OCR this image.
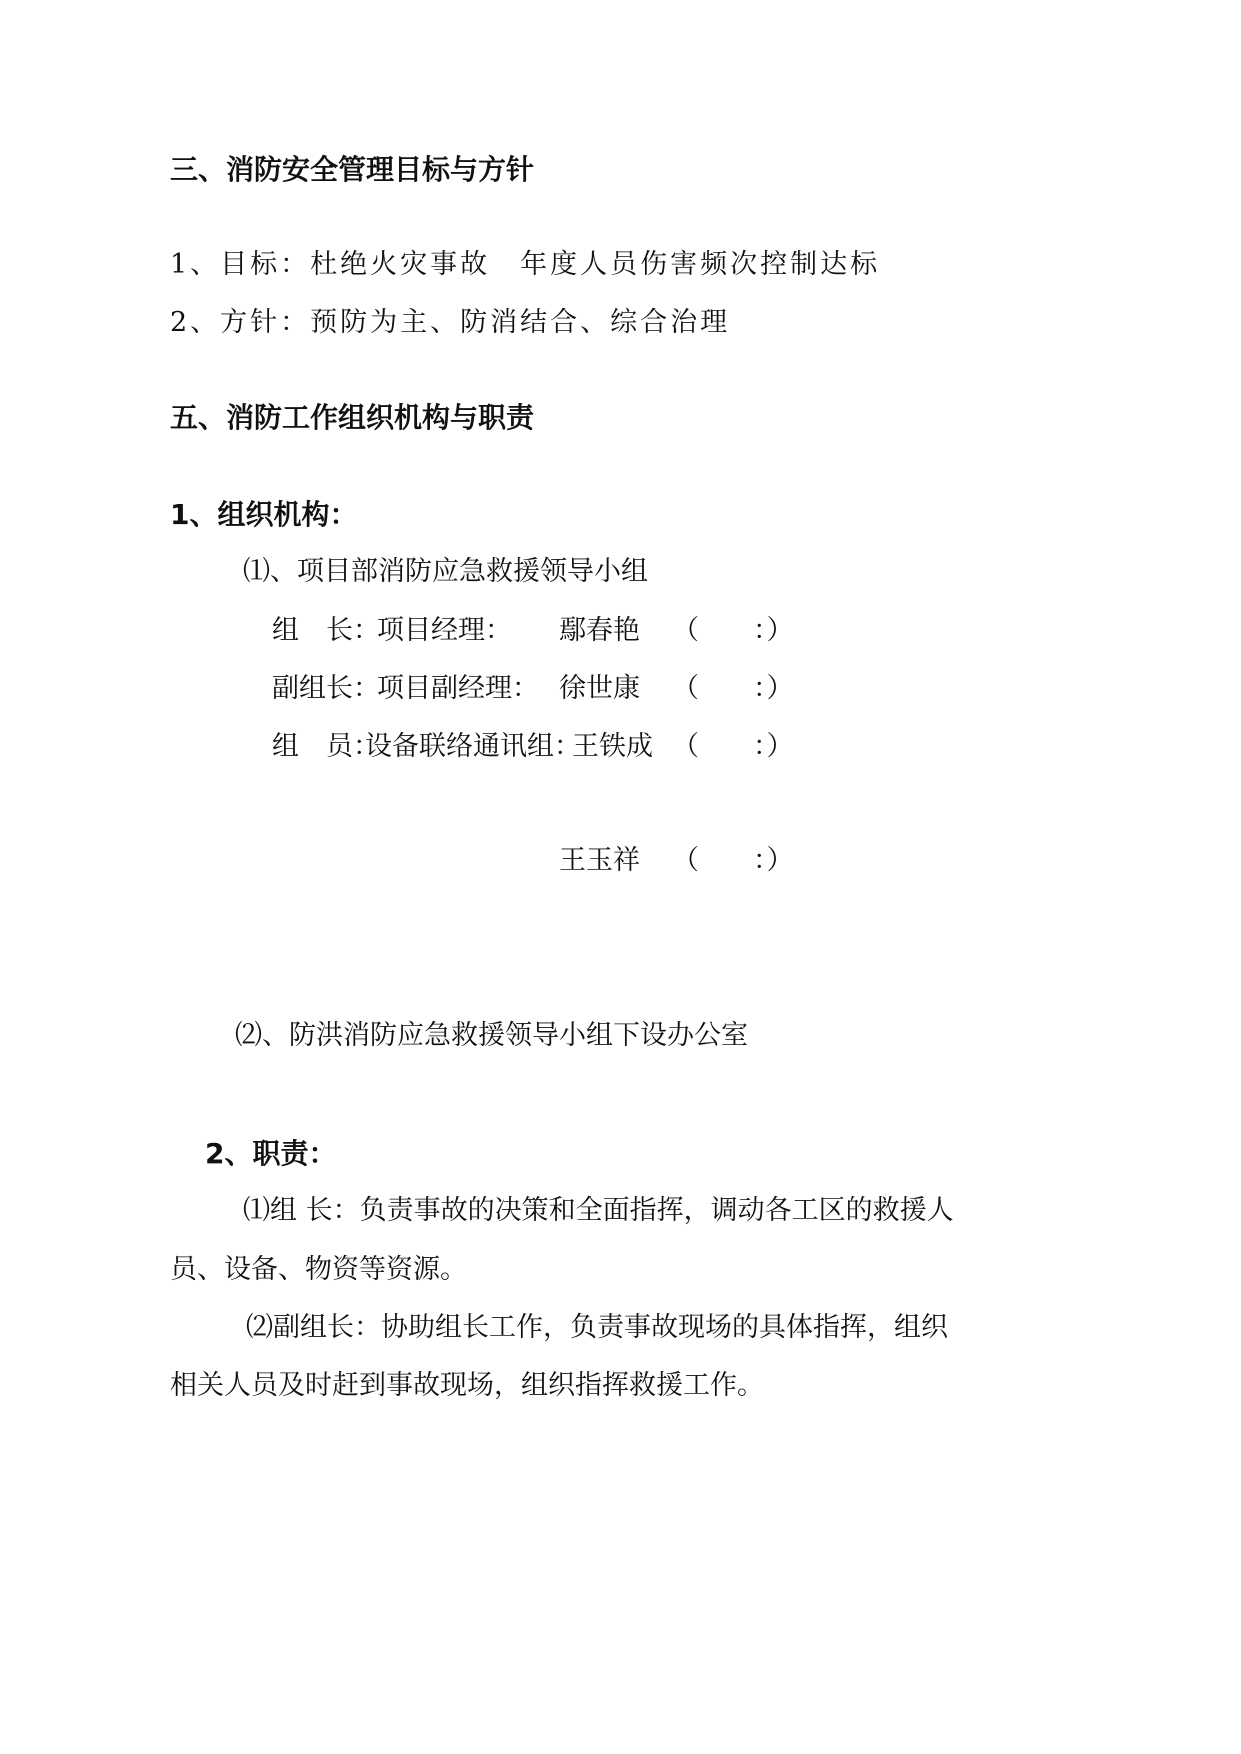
三、消防安全管理目标与方针
1、目标：杜绝火灾事故　年度人员伤害频次控制达标
2、方针：预防为主、防消结合、综合治理
五、消防工作组织机构与职责
1、组织机构：
⑴、项目部消防应急救援领导小组
组　长：
项目经理： 鄢春艳 （　　：）
副组长：
项目副经理： 徐世康 （　　：）
组　员：
设备联络通讯组：
王铁成 （　　：）
王玉祥 （　　：）
⑵、防洪消防应急救援领导小组下设办公室
2、职责：
⑴组 长：负责事故的决策和全面指挥，调动各工区的救援人
员、设备、物资等资源。
⑵副组长：协助组长工作，负责事故现场的具体指挥，组织
相关人员及时赶到事故现场，组织指挥救援工作。
